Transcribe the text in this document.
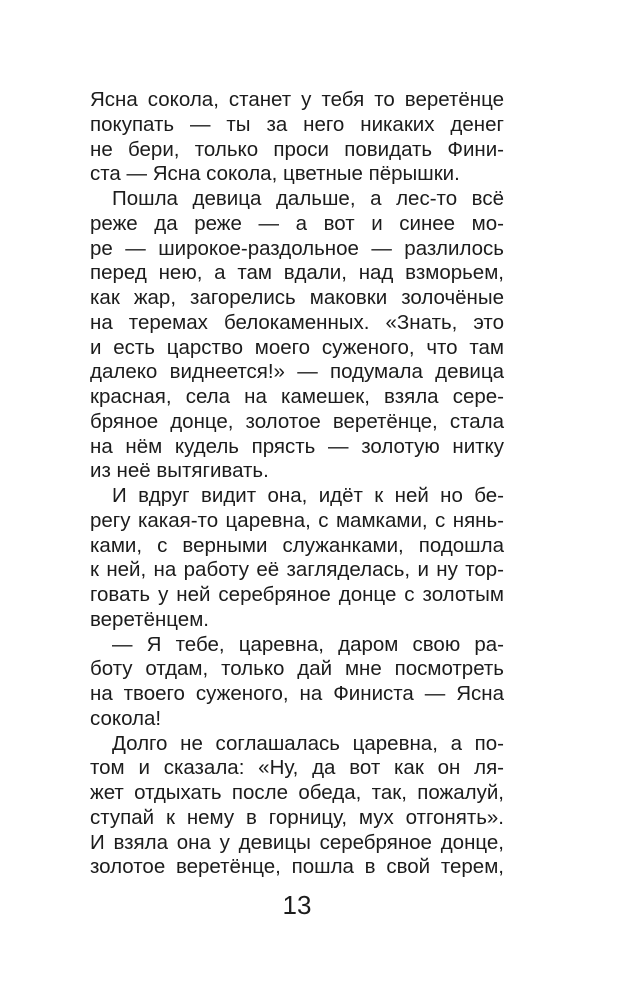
Ясна сокола, станет у тебя то веретёнце
покупать — ты за него никаких денег
не бери, только проси повидать Фини-
ста — Ясна сокола, цветные пёрышки.
Пошла девица дальше, а лес-то всё
реже да реже — а вот и синее мо-
ре — широкое-раздольное — разлилось
перед нею, а там вдали, над взморьем,
как жар, загорелись маковки золочёные
на теремах белокаменных. «Знать, это
и есть царство моего суженого, что там
далеко виднеется!» — подумала девица
красная, села на камешек, взяла сере-
бряное донце, золотое веретёнце, стала
на нём кудель прясть — золотую нитку
из неё вытягивать.
И вдруг видит она, идёт к ней но бе-
регу какая-то царевна, с мамками, с нянь-
ками, с верными служанками, подошла
к ней, на работу её загляделась, и ну тор-
говать у ней серебряное донце с золотым
веретёнцем.
— Я тебе, царевна, даром свою ра-
боту отдам, только дай мне посмотреть
на твоего суженого, на Финиста — Ясна
сокола!
Долго не соглашалась царевна, а по-
том и сказала: «Ну, да вот как он ля-
жет отдыхать после обеда, так, пожалуй,
ступай к нему в горницу, мух отгонять».
И взяла она у девицы серебряное донце,
золотое веретёнце, пошла в свой терем,
13
